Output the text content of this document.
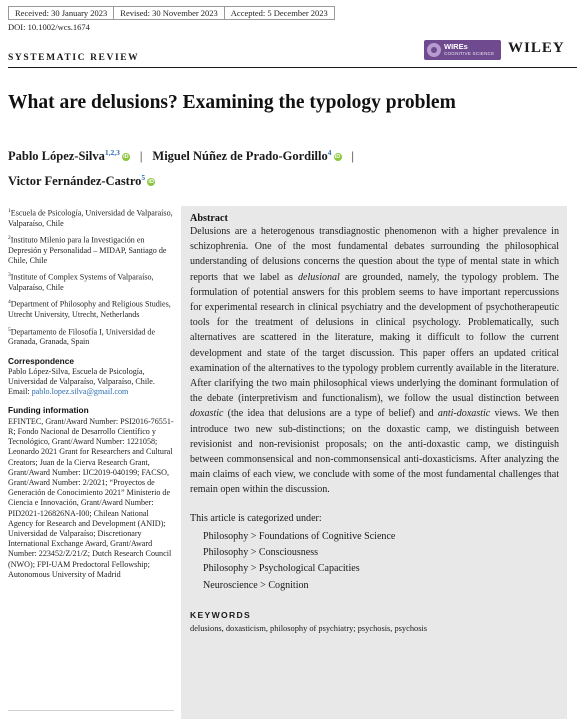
Received: 30 January 2023	Revised: 30 November 2023	Accepted: 5 December 2023
DOI: 10.1002/wcs.1674
WIREs
COGNITIVE SCIENCE WILEY
SYSTEMATIC REVIEW
What are delusions? Examining the typology problem
Pablo López-Silva$^{1,2,3}$iD | Miguel Núñez de Prado-Gordillo$^4$iD |
Victor Fernández-Castro$^5$iD
$^1$Escuela de Psicología, Universidad de Valparaíso, Valparaíso, Chile
$^2$Instituto Milenio para la Investigación en Depresión y Personalidad – MIDAP, Santiago de Chile, Chile
$^3$Institute of Complex Systems of Valparaíso, Valparaíso, Chile
$^4$Department of Philosophy and Religious Studies, Utrecht University, Utrecht, Netherlands
$^5$Departamento de Filosofía I, Universidad de Granada, Granada, Spain
Correspondence
Pablo López-Silva, Escuela de Psicología, Universidad de Valparaíso, Valparaíso, Chile.
Email: pablo.lopez.silva@gmail.com
Funding information
EFINTEC, Grant/Award Number: PSI2016-76551-R; Fondo Nacional de Desarrollo Científico y Tecnológico, Grant/Award Number: 1221058; Leonardo 2021 Grant for Researchers and Cultural Creators; Juan de la Cierva Research Grant, Grant/Award Number: IJC2019-040199; FACSO, Grant/Award Number: 2/2021; “Proyectos de Generación de Conocimiento 2021” Ministerio de Ciencia e Innovación, Grant/Award Number: PID2021-126826NA-I00; Chilean National Agency for Research and Development (ANID); Universidad de Valparaíso; Discretionary International Exchange Award, Grant/Award Number: 223452/Z/21/Z; Dutch Research Council (NWO); FPI-UAM Predoctoral Fellowship; Autonomous University of Madrid
Abstract

Delusions are a heterogenous transdiagnostic phenomenon with a higher prevalence in schizophrenia. One of the most fundamental debates surrounding the philosophical understanding of delusions concerns the question about the type of mental state in which reports that we label as delusional are grounded, namely, the typology problem. The formulation of potential answers for this problem seems to have important repercussions for experimental research in clinical psychiatry and the development of psychotherapeutic tools for the treatment of delusions in clinical psychology. Problematically, such alternatives are scattered in the literature, making it difficult to follow the current development and state of the target discussion. This paper offers an updated critical examination of the alternatives to the typology problem currently available in the literature. After clarifying the two main philosophical views underlying the dominant formulation of the debate (interpretivism and functionalism), we follow the usual distinction between doxastic (the idea that delusions are a type of belief) and anti-doxastic views. We then introduce two new sub-distinctions; on the doxastic camp, we distinguish between revisionist and non-revisionist proposals; on the anti-doxastic camp, we distinguish between commonsensical and non-commonsensical anti-doxasticisms. After analyzing the main claims of each view, we conclude with some of the most fundamental challenges that remain open within the discussion.

This article is categorized under:
Philosophy > Foundations of Cognitive Science
Philosophy > Consciousness
Philosophy > Psychological Capacities
Neuroscience > Cognition
KEYWORDS
delusions, doxasticism, philosophy of psychiatry; psychosis, psychosis
